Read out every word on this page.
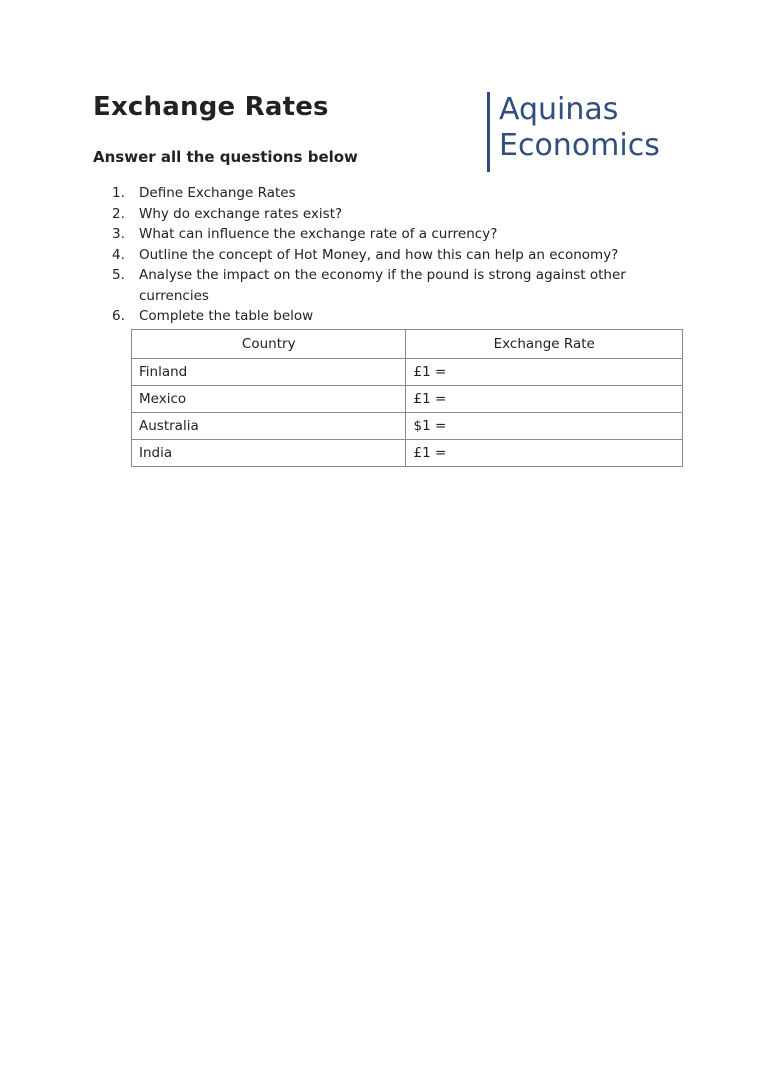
Exchange Rates
Answer all the questions below
Aquinas
Economics
1. Define Exchange Rates
2. Why do exchange rates exist?
3. What can influence the exchange rate of a currency?
4. Outline the concept of Hot Money, and how this can help an economy?
5. Analyse the impact on the economy if the pound is strong against other currencies
6. Complete the table below
Country	Exchange Rate
Finland	£1 =
Mexico	£1 =
Australia	$1 =
India	£1 =
